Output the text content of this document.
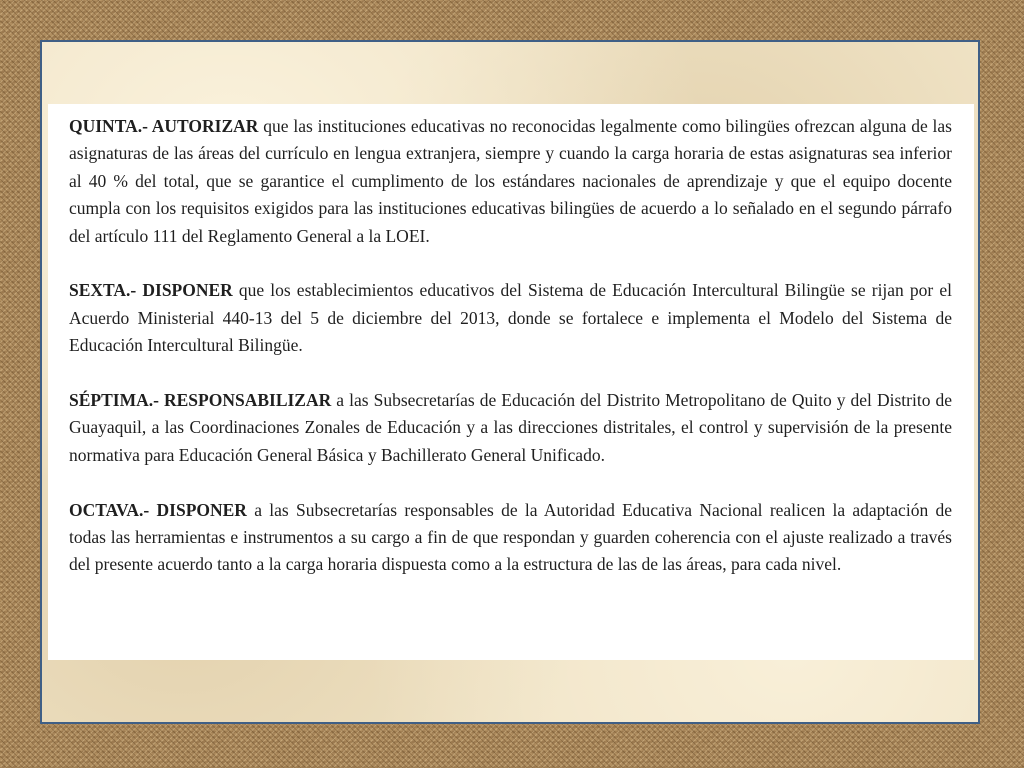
QUINTA.- AUTORIZAR que las instituciones educativas no reconocidas legalmente como bilingües ofrezcan alguna de las asignaturas de las áreas del currículo en lengua extranjera, siempre y cuando la carga horaria de estas asignaturas sea inferior al 40 % del total, que se garantice el cumplimento de los estándares nacionales de aprendizaje y que el equipo docente cumpla con los requisitos exigidos para las instituciones educativas bilingües de acuerdo a lo señalado en el segundo párrafo del artículo 111 del Reglamento General a la LOEI.

SEXTA.- DISPONER que los establecimientos educativos del Sistema de Educación Intercultural Bilingüe se rijan por el Acuerdo Ministerial 440-13 del 5 de diciembre del 2013, donde se fortalece e implementa el Modelo del Sistema de Educación Intercultural Bilingüe.

SÉPTIMA.- RESPONSABILIZAR a las Subsecretarías de Educación del Distrito Metropolitano de Quito y del Distrito de Guayaquil, a las Coordinaciones Zonales de Educación y a las direcciones distritales, el control y supervisión de la presente normativa para Educación General Básica y Bachillerato General Unificado.

OCTAVA.- DISPONER a las Subsecretarías responsables de la Autoridad Educativa Nacional realicen la adaptación de todas las herramientas e instrumentos a su cargo a fin de que respondan y guarden coherencia con el ajuste realizado a través del presente acuerdo tanto a la carga horaria dispuesta como a la estructura de las de las áreas, para cada nivel.
